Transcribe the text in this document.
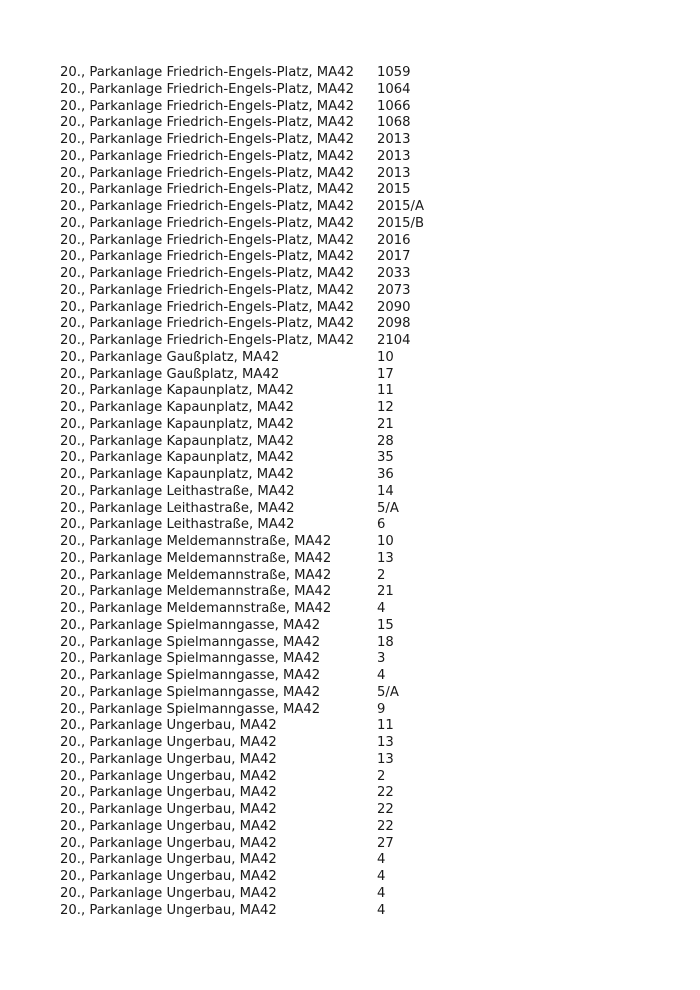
20., Parkanlage Friedrich-Engels-Platz, MA42 1059
20., Parkanlage Friedrich-Engels-Platz, MA42 1064
20., Parkanlage Friedrich-Engels-Platz, MA42 1066
20., Parkanlage Friedrich-Engels-Platz, MA42 1068
20., Parkanlage Friedrich-Engels-Platz, MA42 2013
20., Parkanlage Friedrich-Engels-Platz, MA42 2013
20., Parkanlage Friedrich-Engels-Platz, MA42 2013
20., Parkanlage Friedrich-Engels-Platz, MA42 2015
20., Parkanlage Friedrich-Engels-Platz, MA42 2015/A
20., Parkanlage Friedrich-Engels-Platz, MA42 2015/B
20., Parkanlage Friedrich-Engels-Platz, MA42 2016
20., Parkanlage Friedrich-Engels-Platz, MA42 2017
20., Parkanlage Friedrich-Engels-Platz, MA42 2033
20., Parkanlage Friedrich-Engels-Platz, MA42 2073
20., Parkanlage Friedrich-Engels-Platz, MA42 2090
20., Parkanlage Friedrich-Engels-Platz, MA42 2098
20., Parkanlage Friedrich-Engels-Platz, MA42 2104
20., Parkanlage Gaußplatz, MA42	10
20., Parkanlage Gaußplatz, MA42	17
20., Parkanlage Kapaunplatz, MA42	11
20., Parkanlage Kapaunplatz, MA42	12
20., Parkanlage Kapaunplatz, MA42	21
20., Parkanlage Kapaunplatz, MA42	28
20., Parkanlage Kapaunplatz, MA42	35
20., Parkanlage Kapaunplatz, MA42	36
20., Parkanlage Leithastraße, MA42	14
20., Parkanlage Leithastraße, MA42	5/A
20., Parkanlage Leithastraße, MA42	6
20., Parkanlage Meldemannstraße, MA42	10
20., Parkanlage Meldemannstraße, MA42	13
20., Parkanlage Meldemannstraße, MA42	2
20., Parkanlage Meldemannstraße, MA42	21
20., Parkanlage Meldemannstraße, MA42	4
20., Parkanlage Spielmanngasse, MA42	15
20., Parkanlage Spielmanngasse, MA42	18
20., Parkanlage Spielmanngasse, MA42	3
20., Parkanlage Spielmanngasse, MA42	4
20., Parkanlage Spielmanngasse, MA42	5/A
20., Parkanlage Spielmanngasse, MA42	9
20., Parkanlage Ungerbau, MA42	11
20., Parkanlage Ungerbau, MA42	13
20., Parkanlage Ungerbau, MA42	13
20., Parkanlage Ungerbau, MA42	2
20., Parkanlage Ungerbau, MA42	22
20., Parkanlage Ungerbau, MA42	22
20., Parkanlage Ungerbau, MA42	22
20., Parkanlage Ungerbau, MA42	27
20., Parkanlage Ungerbau, MA42	4
20., Parkanlage Ungerbau, MA42	4
20., Parkanlage Ungerbau, MA42	4
20., Parkanlage Ungerbau, MA42	4
